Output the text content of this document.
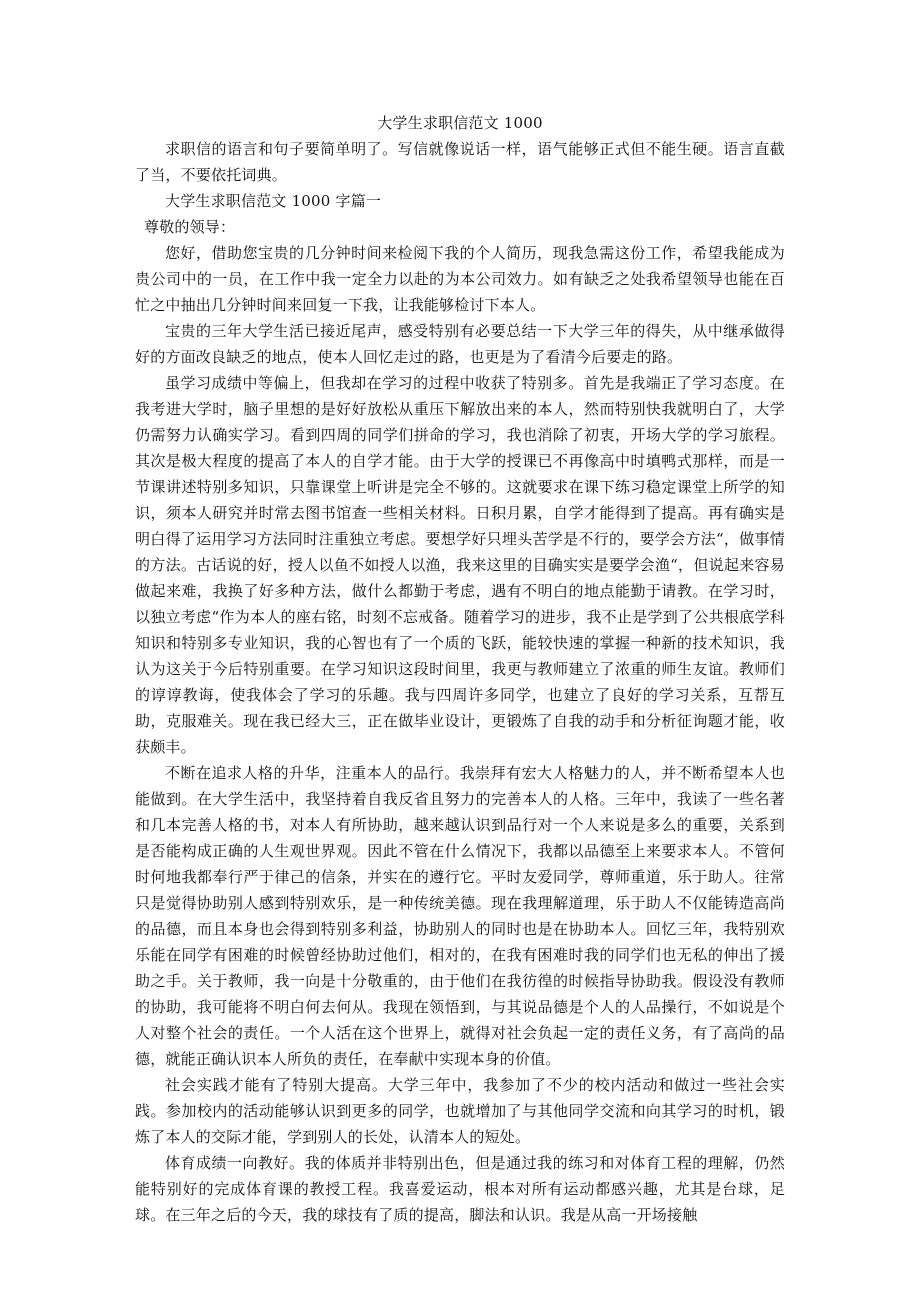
大学生求职信范文 1000

求职信的语言和句子要简单明了。写信就像说话一样，语气能够正式但不能生硬。语言直截了当，不要依托词典。

大学生求职信范文 1000 字篇一
尊敬的领导：

您好，借助您宝贵的几分钟时间来检阅下我的个人简历，现我急需这份工作，希望我能成为贵公司中的一员，在工作中我一定全力以赴的为本公司效力。如有缺乏之处我希望领导也能在百忙之中抽出几分钟时间来回复一下我，让我能够检讨下本人。

宝贵的三年大学生活已接近尾声，感受特别有必要总结一下大学三年的得失，从中继承做得好的方面改良缺乏的地点，使本人回忆走过的路，也更是为了看清今后要走的路。

虽学习成绩中等偏上，但我却在学习的过程中收获了特别多。首先是我端正了学习态度。在我考进大学时，脑子里想的是好好放松从重压下解放出来的本人，然而特别快我就明白了，大学仍需努力认确实学习。看到四周的同学们拼命的学习，我也消除了初衷，开场大学的学习旅程。其次是极大程度的提高了本人的自学才能。由于大学的授课已不再像高中时填鸭式那样，而是一节课讲述特别多知识，只靠课堂上听讲是完全不够的。这就要求在课下练习稳定课堂上所学的知识，须本人研究并时常去图书馆查一些相关材料。日积月累，自学才能得到了提高。再有确实是明白得了运用学习方法同时注重独立考虑。要想学好只埋头苦学是不行的，要学会方法“，做事情的方法。古话说的好，授人以鱼不如授人以渔，我来这里的目确实实是要学会渔“，但说起来容易做起来难，我换了好多种方法，做什么都勤于考虑，遇有不明白的地点能勤于请教。在学习时，以独立考虑“作为本人的座右铭，时刻不忘戒备。随着学习的进步，我不止是学到了公共根底学科知识和特别多专业知识，我的心智也有了一个质的飞跃，能较快速的掌握一种新的技术知识，我认为这关于今后特别重要。在学习知识这段时间里，我更与教师建立了浓重的师生友谊。教师们的谆谆教诲，使我体会了学习的乐趣。我与四周许多同学，也建立了良好的学习关系，互帮互助，克服难关。现在我已经大三，正在做毕业设计，更锻炼了自我的动手和分析征询题才能，收获颇丰。

不断在追求人格的升华，注重本人的品行。我崇拜有宏大人格魅力的人，并不断希望本人也能做到。在大学生活中，我坚持着自我反省且努力的完善本人的人格。三年中，我读了一些名著和几本完善人格的书，对本人有所协助，越来越认识到品行对一个人来说是多么的重要，关系到是否能构成正确的人生观世界观。因此不管在什么情况下，我都以品德至上来要求本人。不管何时何地我都奉行严于律己的信条，并实在的遵行它。平时友爱同学，尊师重道，乐于助人。往常只是觉得协助别人感到特别欢乐，是一种传统美德。现在我理解道理，乐于助人不仅能铸造高尚的品德，而且本身也会得到特别多利益，协助别人的同时也是在协助本人。回忆三年，我特别欢乐能在同学有困难的时候曾经协助过他们，相对的，在我有困难时我的同学们也无私的伸出了援助之手。关于教师，我一向是十分敬重的，由于他们在我彷徨的时候指导协助我。假设没有教师的协助，我可能将不明白何去何从。我现在领悟到，与其说品德是个人的人品操行，不如说是个人对整个社会的责任。一个人活在这个世界上，就得对社会负起一定的责任义务，有了高尚的品德，就能正确认识本人所负的责任，在奉献中实现本身的价值。

社会实践才能有了特别大提高。大学三年中，我参加了不少的校内活动和做过一些社会实践。参加校内的活动能够认识到更多的同学，也就增加了与其他同学交流和向其学习的时机，锻炼了本人的交际才能，学到别人的长处，认清本人的短处。

体育成绩一向教好。我的体质并非特别出色，但是通过我的练习和对体育工程的理解，仍然能特别好的完成体育课的教授工程。我喜爱运动，根本对所有运动都感兴趣，尤其是台球，足球。在三年之后的今天，我的球技有了质的提高，脚法和认识。我是从高一开场接触
